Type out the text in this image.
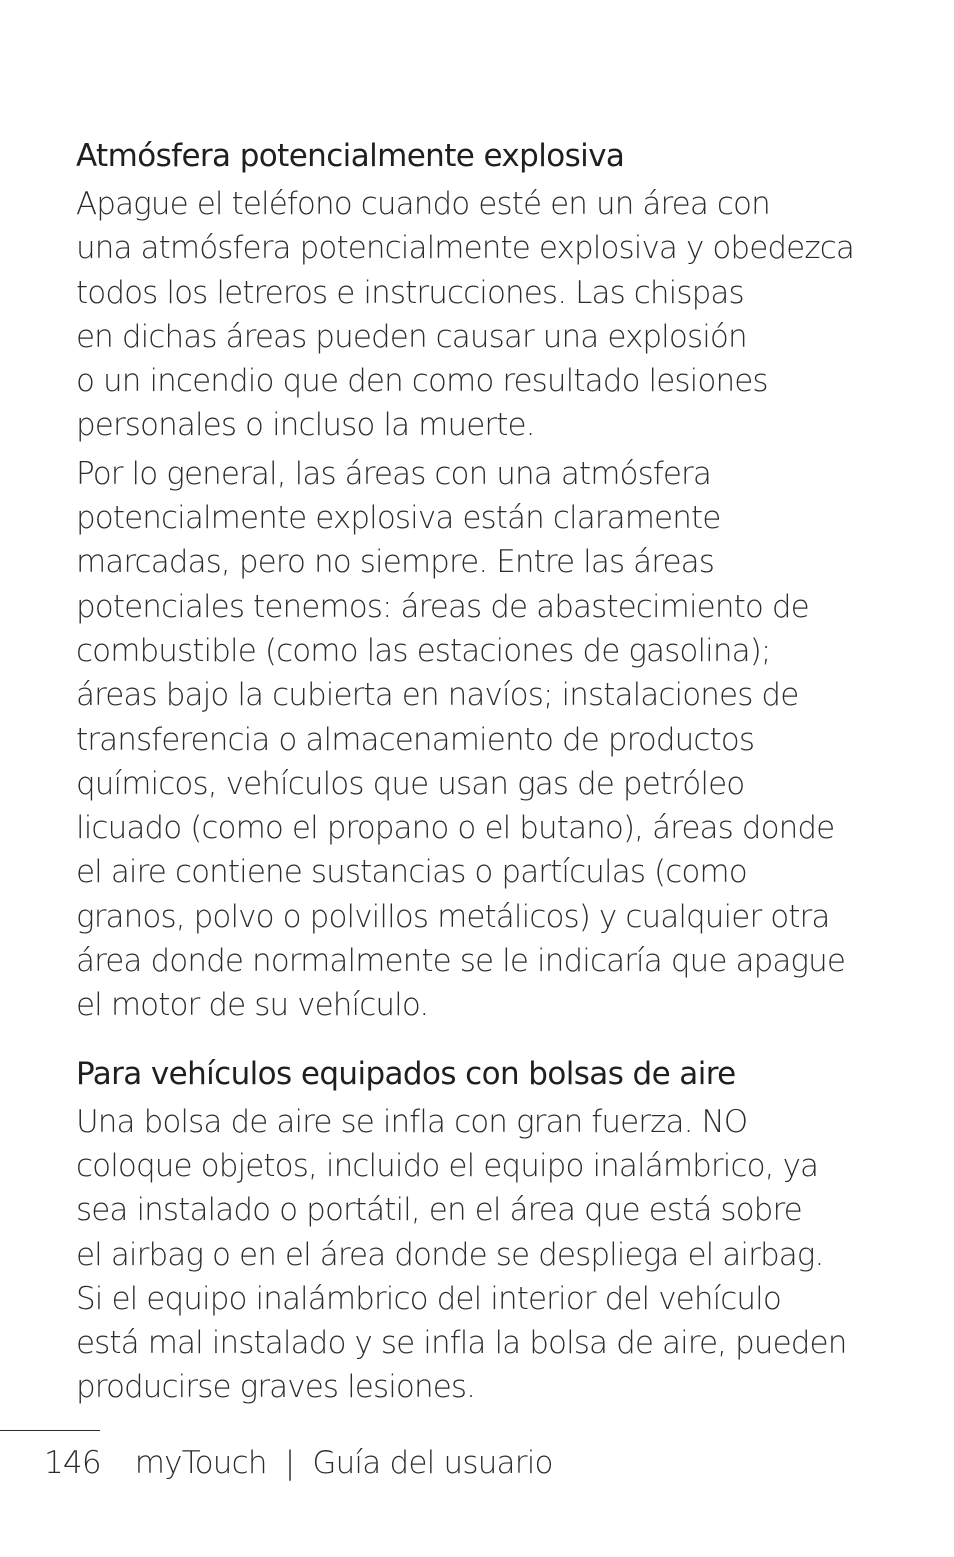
Atmósfera potencialmente explosiva

Apague el teléfono cuando esté en un área con
una atmósfera potencialmente explosiva y obedezca
todos los letreros e instrucciones. Las chispas
en dichas áreas pueden causar una explosión
o un incendio que den como resultado lesiones
personales o incluso la muerte.

Por lo general, las áreas con una atmósfera
potencialmente explosiva están claramente
marcadas, pero no siempre. Entre las áreas
potenciales tenemos: áreas de abastecimiento de
combustible (como las estaciones de gasolina);
áreas bajo la cubierta en navíos; instalaciones de
transferencia o almacenamiento de productos
químicos, vehículos que usan gas de petróleo
licuado (como el propano o el butano), áreas donde
el aire contiene sustancias o partículas (como
granos, polvo o polvillos metálicos) y cualquier otra
área donde normalmente se le indicaría que apague
el motor de su vehículo.

Para vehículos equipados con bolsas de aire

Una bolsa de aire se infla con gran fuerza. NO
coloque objetos, incluido el equipo inalámbrico, ya
sea instalado o portátil, en el área que está sobre
el airbag o en el área donde se despliega el airbag.
Si el equipo inalámbrico del interior del vehículo
está mal instalado y se infla la bolsa de aire, pueden
producirse graves lesiones.

146 myTouch | Guía del usuario
